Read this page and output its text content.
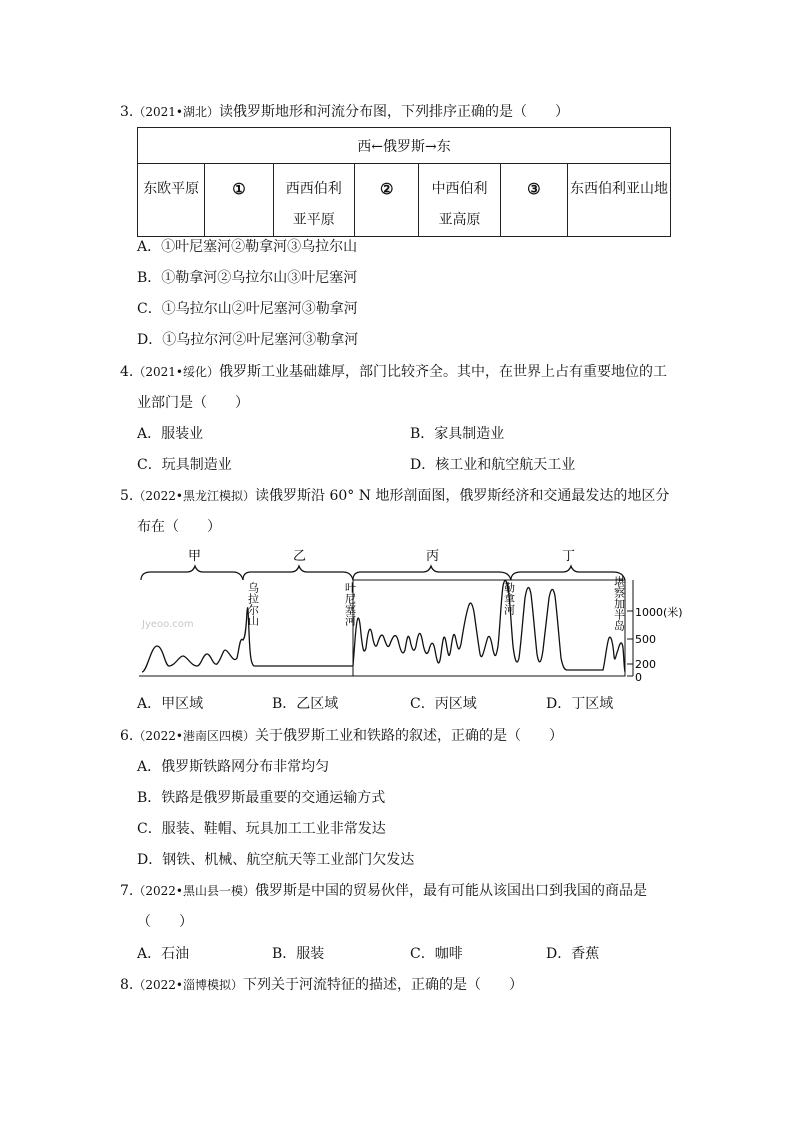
3.（2021•湖北）读俄罗斯地形和河流分布图，下列排序正确的是（　　）
西←俄罗斯→东
东欧平原	①	西西伯利亚平原	②	中西伯利亚高原	③	东西伯利亚山地
A．①叶尼塞河②勒拿河③乌拉尔山
B．①勒拿河②乌拉尔山③叶尼塞河
C．①乌拉尔山②叶尼塞河③勒拿河
D．①乌拉尔河②叶尼塞河③勒拿河
4.（2021•绥化）俄罗斯工业基础雄厚，部门比较齐全。其中，在世界上占有重要地位的工
业部门是（　　）
A．服装业	B．家具制造业
C．玩具制造业	D．核工业和航空航天工业
5.（2022•黑龙江模拟）读俄罗斯沿 60° N 地形剖面图，俄罗斯经济和交通最发达的地区分
布在（　　）
甲	乙	丙	丁
Jyeoo.com	乌拉尔山	叶尼塞河	勒拿河	堪察加半岛 1000(米)
500
200
0
A．甲区域	B．乙区域	C．丙区域	D．丁区域
6.（2022•港南区四模）关于俄罗斯工业和铁路的叙述，正确的是（　　）
A．俄罗斯铁路网分布非常均匀
B．铁路是俄罗斯最重要的交通运输方式
C．服装、鞋帽、玩具加工工业非常发达
D．钢铁、机械、航空航天等工业部门欠发达
7.（2022•黑山县一模）俄罗斯是中国的贸易伙伴，最有可能从该国出口到我国的商品是
（　　）
A．石油	B．服装	C．咖啡	D．香蕉
8.（2022•淄博模拟）下列关于河流特征的描述，正确的是（　　）
